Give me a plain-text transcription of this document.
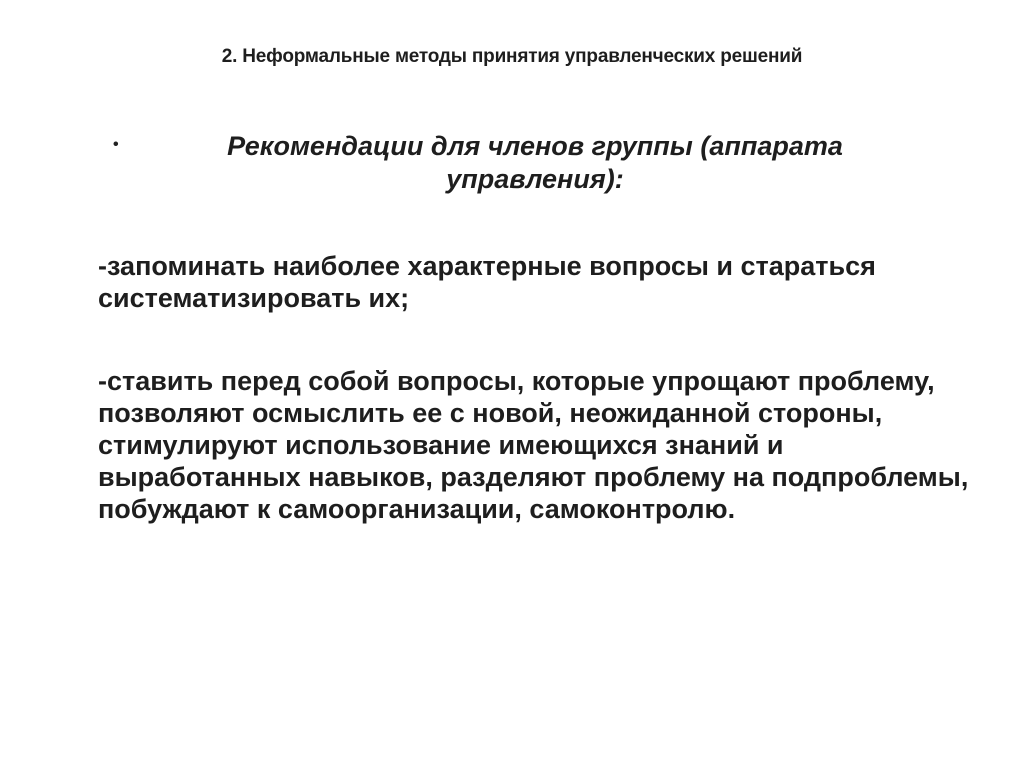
2. Неформальные методы принятия управленческих решений
•	Рекомендации для членов группы (аппарата управления):
-запоминать наиболее характерные вопросы и стараться систематизировать их;
-ставить перед собой вопросы, которые упрощают проблему, позволяют осмыслить ее с новой, неожиданной стороны, стимулируют использование имеющихся знаний и выработанных навыков, разделяют проблему на подпроблемы, побуждают к самоорганизации, самоконтролю.
